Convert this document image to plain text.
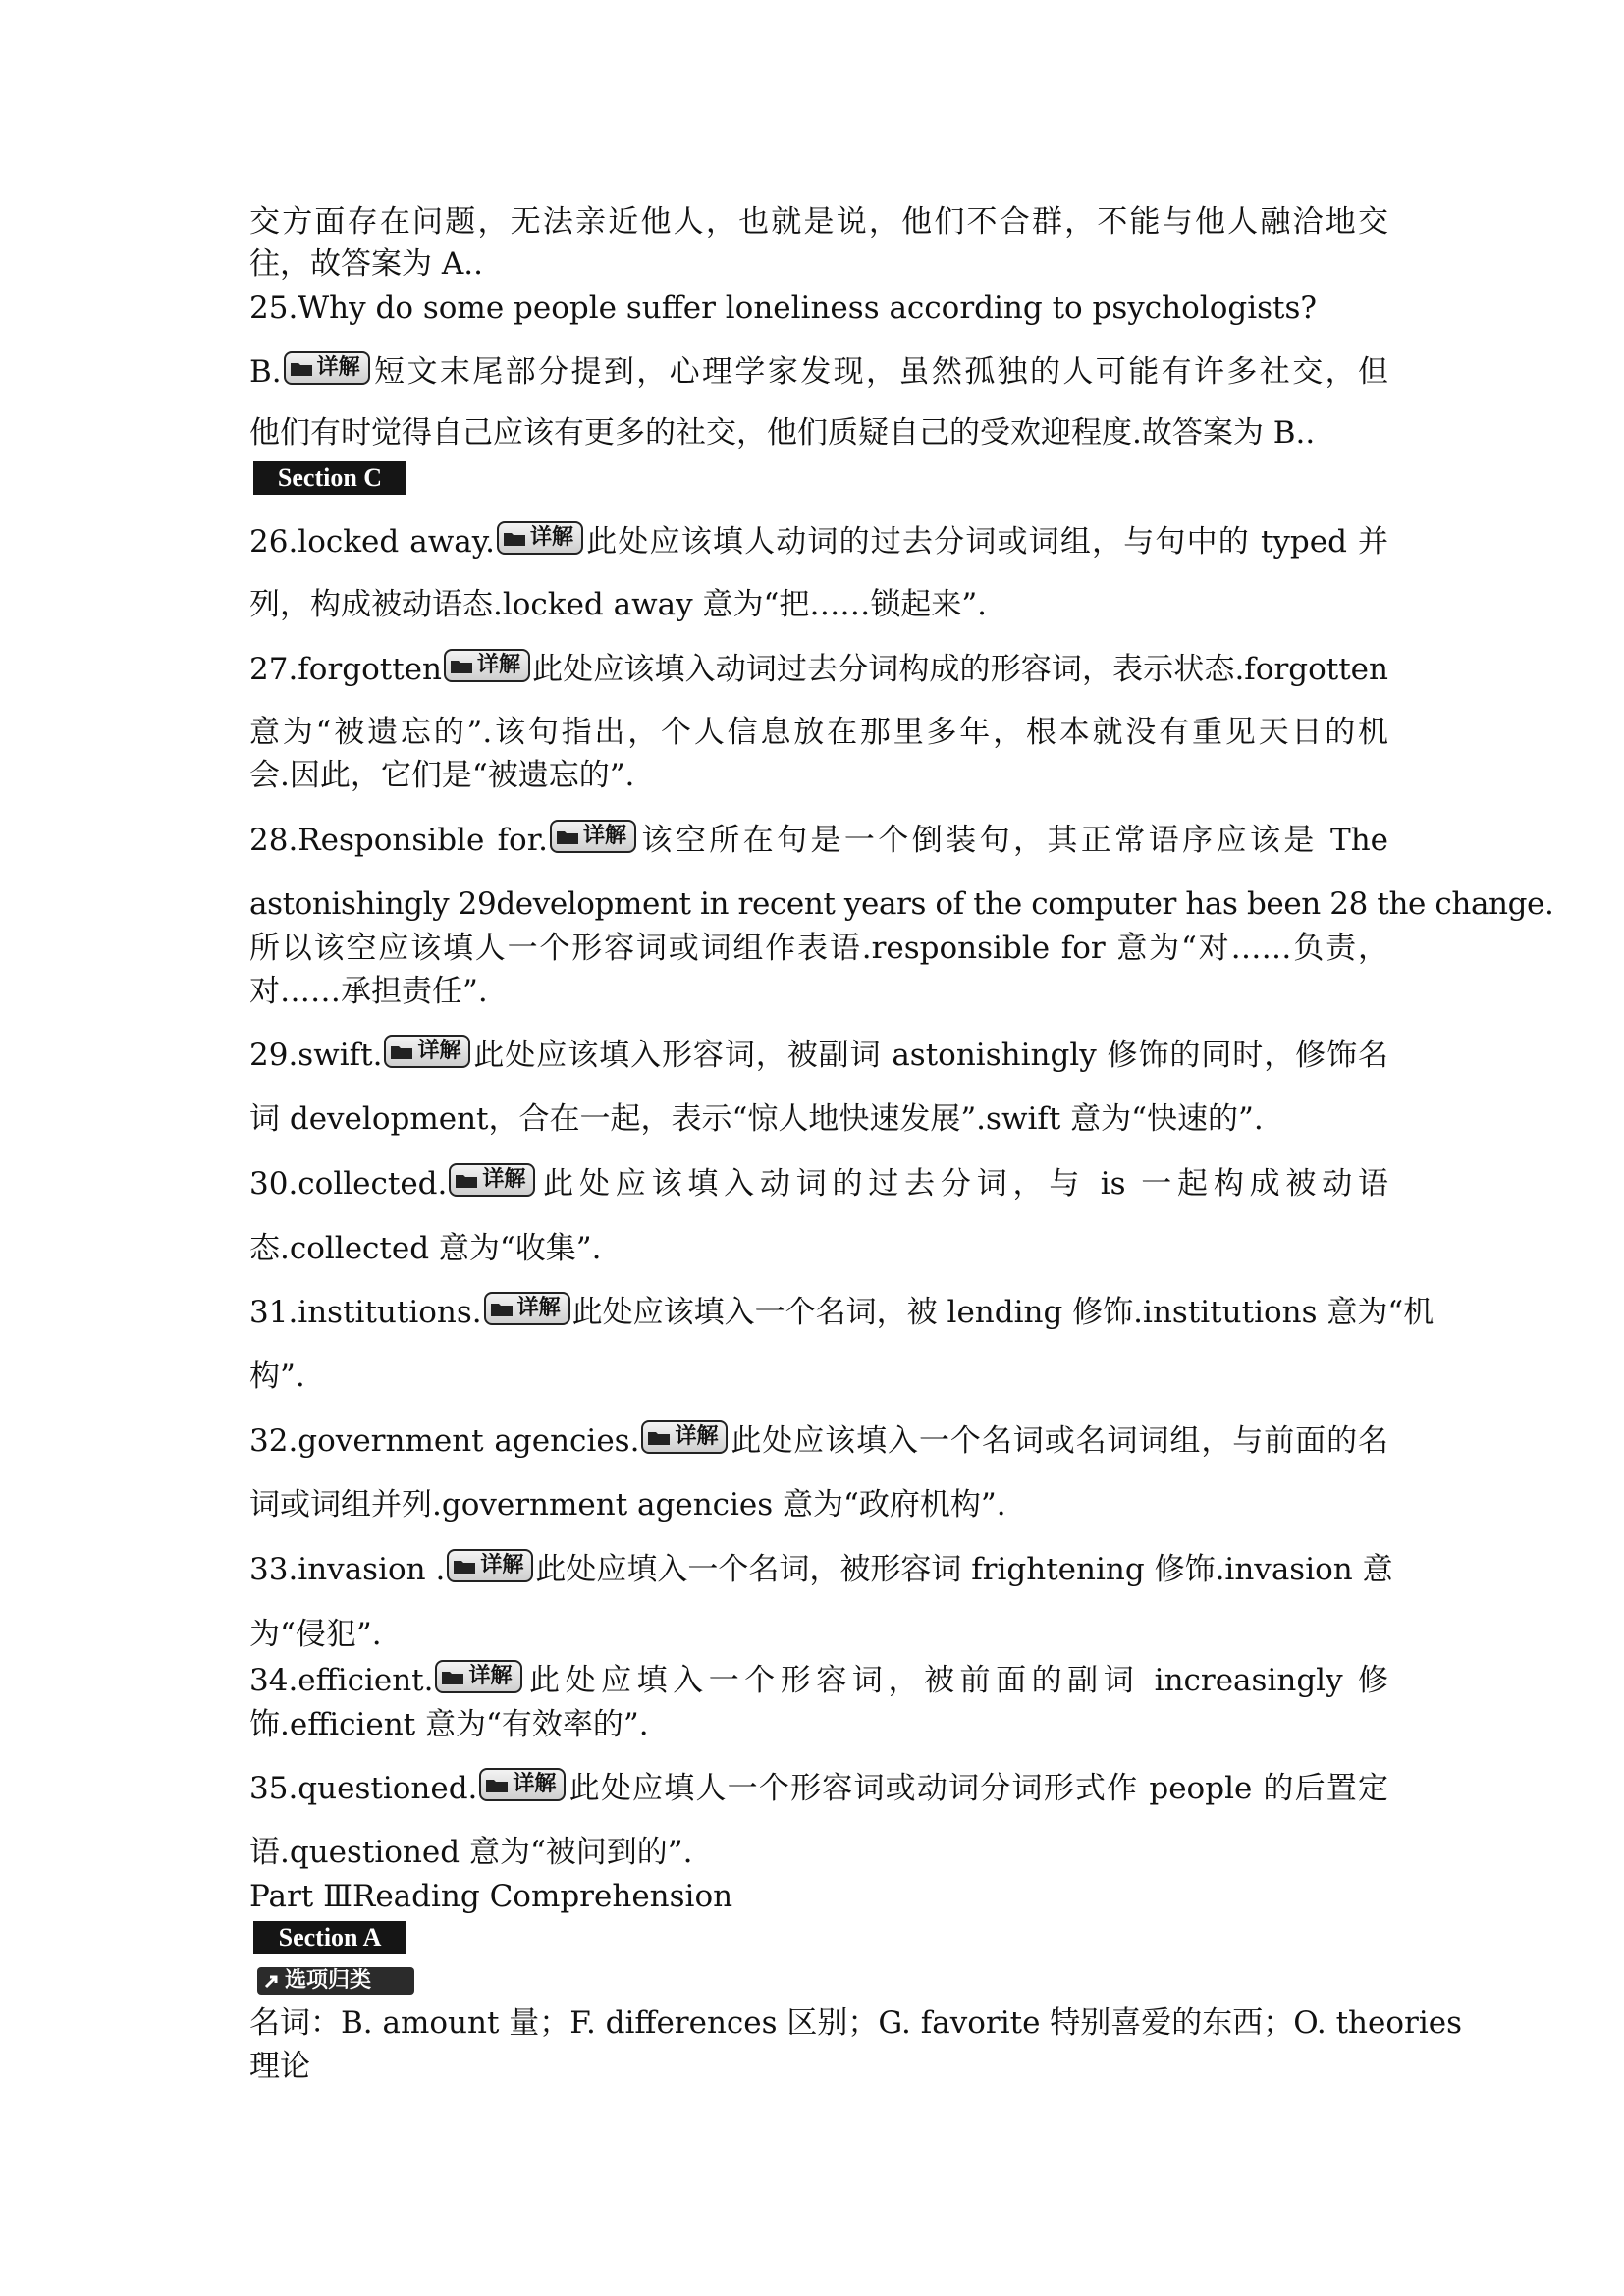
交方面存在问题，无法亲近他人，也就是说，他们不合群，不能与他人融洽地交
往，故答案为 A..
25.Why do some people suffer loneliness according to psychologists?
B. 详解 短文末尾部分提到，心理学家发现，虽然孤独的人可能有许多社交，但
他们有时觉得自己应该有更多的社交，他们质疑自己的受欢迎程度.故答案为 B..
Section C
26.locked away. 详解 此处应该填人动词的过去分词或词组，与句中的 typed 并
列，构成被动语态.locked away 意为“把……锁起来”.
27.forgotten 详解 此处应该填入动词过去分词构成的形容词，表示状态.forgotten
意为“被遗忘的”.该句指出，个人信息放在那里多年，根本就没有重见天日的机
会.因此，它们是“被遗忘的”.
28.Responsible for. 详解 该空所在句是一个倒装句，其正常语序应该是 The
astonishingly 29development in recent years of the computer has been 28 the change.
所以该空应该填人一个形容词或词组作表语.responsible for 意为“对……负责，
对……承担责任”.
29.swift. 详解 此处应该填入形容词，被副词 astonishingly 修饰的同时，修饰名
词 development，合在一起，表示“惊人地快速发展”.swift 意为“快速的”.
30.collected. 详解 此处应该填入动词的过去分词，与 is 一起构成被动语
态.collected 意为“收集”.
31.institutions. 详解 此处应该填入一个名词，被 lending 修饰.institutions 意为“机
构”.
32.government agencies. 详解 此处应该填入一个名词或名词词组，与前面的名
词或词组并列.government agencies 意为“政府机构”.
33.invasion . 详解 此处应填入一个名词，被形容词 frightening 修饰.invasion 意
为“侵犯”.
34.efficient. 详解 此处应填入一个形容词，被前面的副词 increasingly 修
饰.efficient 意为“有效率的”.
35.questioned. 详解 此处应填人一个形容词或动词分词形式作 people 的后置定
语.questioned 意为“被问到的”.
Part ⅢReading Comprehension
Section A
选项归类
名词：B. amount 量；F. differences 区别；G. favorite 特别喜爱的东西；O. theories
理论
